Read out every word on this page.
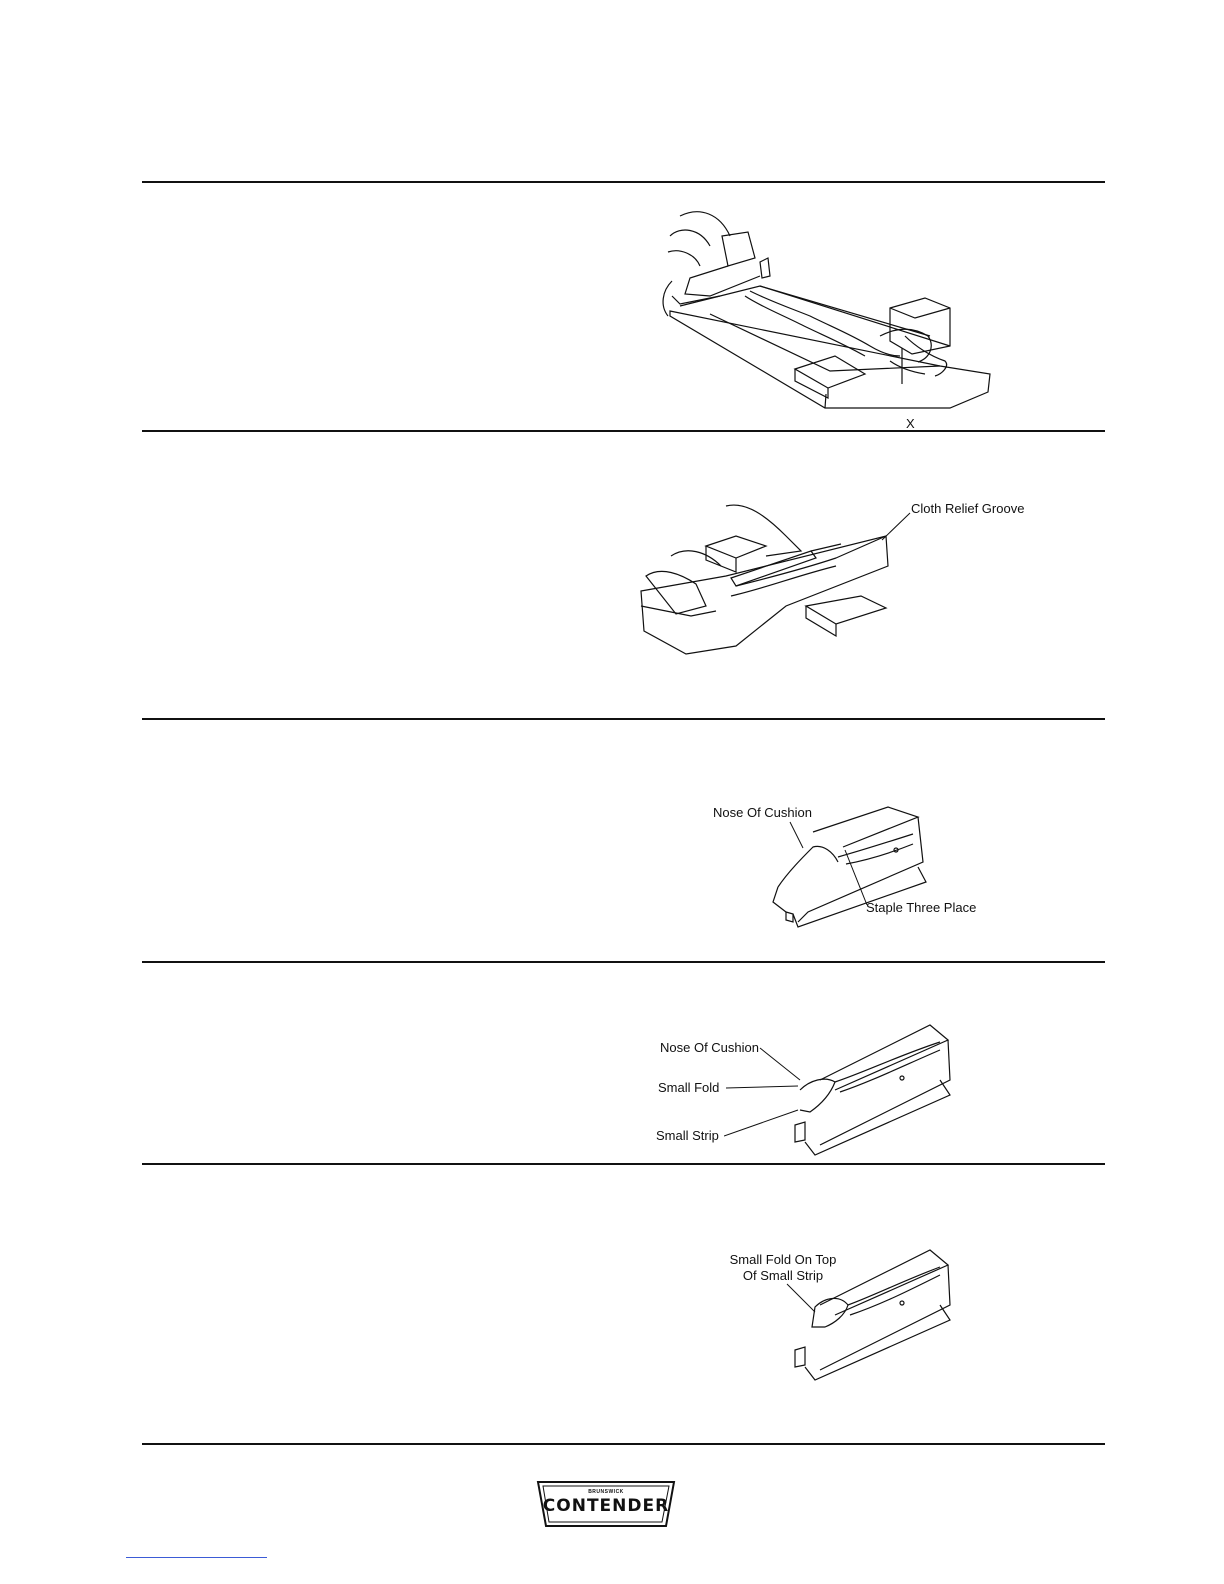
X
Cloth Relief Groove
Nose Of Cushion
Staple Three Place
Nose Of Cushion
Small Fold
Small Strip
Small Fold On Top
Of Small Strip
BRUNSWICK
CONTENDER
